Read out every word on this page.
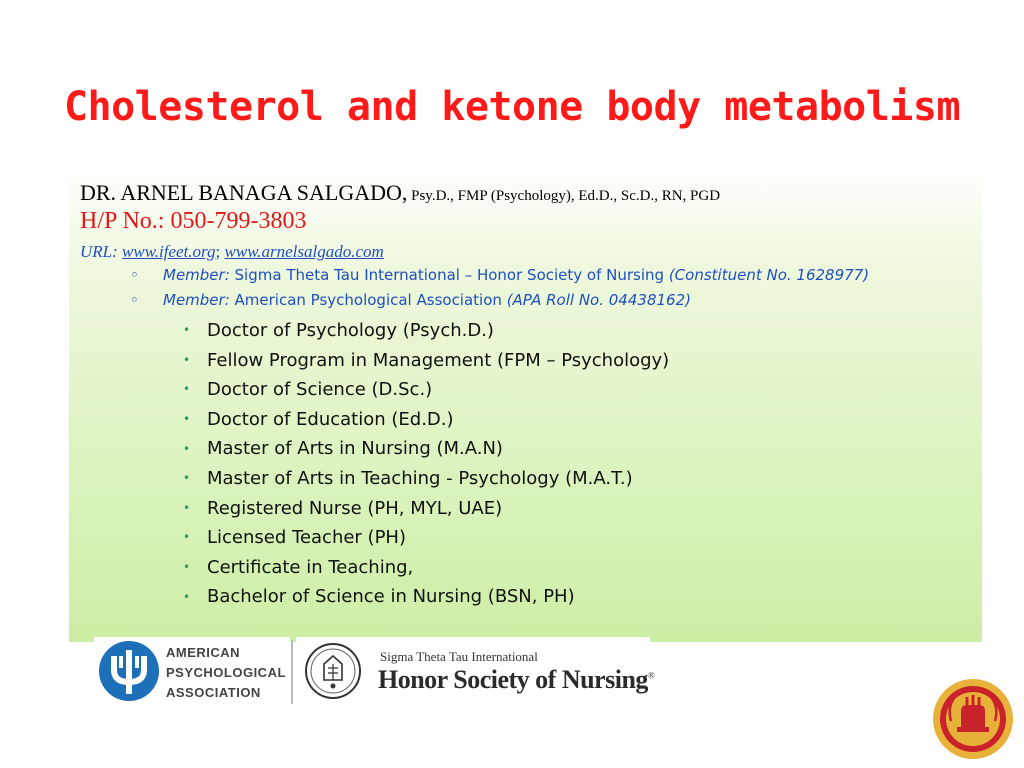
Cholesterol and ketone body metabolism
DR. ARNEL BANAGA SALGADO, Psy.D., FMP (Psychology), Ed.D., Sc.D., RN, PGD
H/P No.: 050-799-3803
URL: www.ifeet.org; www.arnelsalgado.com
◦ Member: Sigma Theta Tau International – Honor Society of Nursing (Constituent No. 1628977)
◦ Member: American Psychological Association (APA Roll No. 04438162)
• Doctor of Psychology (Psych.D.)
• Fellow Program in Management (FPM – Psychology)
• Doctor of Science (D.Sc.)
• Doctor of Education (Ed.D.)
• Master of Arts in Nursing (M.A.N)
• Master of Arts in Teaching - Psychology (M.A.T.)
• Registered Nurse (PH, MYL, UAE)
• Licensed Teacher (PH)
• Certificate in Teaching,
• Bachelor of Science in Nursing (BSN, PH)
AMERICAN
PSYCHOLOGICAL
ASSOCIATION
Sigma Theta Tau International
Honor Society of Nursing®
